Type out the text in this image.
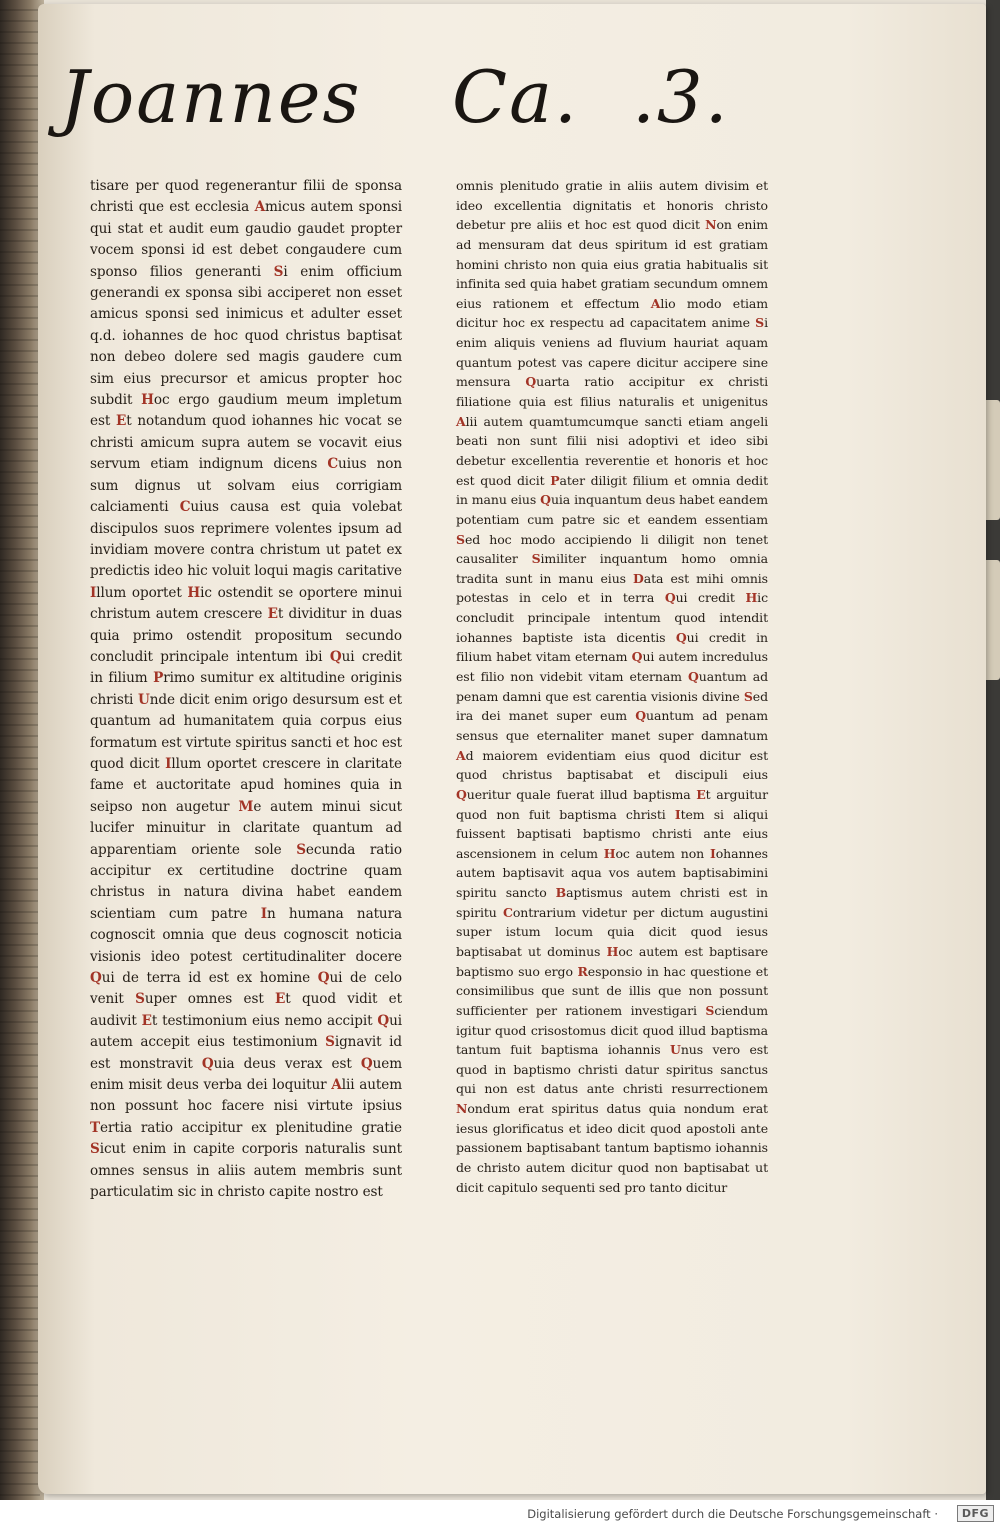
Joannes Ca. .3.

tisare per quod regenerantur filii de sponsa christi que est ecclesia Amicus autem sponsi qui stat et audit eum gaudio gaudet propter vocem sponsi id est debet congaudere cum sponso filios generanti Si enim officium generandi ex sponsa sibi acciperet non esset amicus sponsi sed inimicus et adulter esset q.d. iohannes de hoc quod christus baptisat non debeo dolere sed magis gaudere cum sim eius precursor et amicus propter hoc subdit Hoc ergo gaudium meum impletum est Et notandum quod iohannes hic vocat se christi amicum supra autem se vocavit eius servum etiam indignum dicens Cuius non sum dignus ut solvam eius corrigiam calciamenti Cuius causa est quia volebat discipulos suos reprimere volentes ipsum ad invidiam movere contra christum ut patet ex predictis ideo hic voluit loqui magis caritative Illum oportet Hic ostendit se oportere minui christum autem crescere Et dividitur in duas quia primo ostendit propositum secundo concludit principale intentum ibi Qui credit in filium Primo sumitur ex altitudine originis christi Unde dicit enim origo desursum est et quantum ad humanitatem quia corpus eius formatum est virtute spiritus sancti et hoc est quod dicit Illum oportet crescere in claritate fame et auctoritate apud homines quia in seipso non augetur Me autem minui sicut lucifer minuitur in claritate quantum ad apparentiam oriente sole Secunda ratio accipitur ex certitudine doctrine quam christus in natura divina habet eandem scientiam cum patre In humana natura cognoscit omnia que deus cognoscit noticia visionis ideo potest certitudinaliter docere Qui de terra id est ex homine Qui de celo venit Super omnes est Et quod vidit et audivit Et testimonium eius nemo accipit Qui autem accepit eius testimonium Signavit id est monstravit Quia deus verax est Quem enim misit deus verba dei loquitur Alii autem non possunt hoc facere nisi virtute ipsius Tertia ratio accipitur ex plenitudine gratie Sicut enim in capite corporis naturalis sunt omnes sensus in aliis autem membris sunt particulatim sic in christo capite nostro est

omnis plenitudo gratie in aliis autem divisim et ideo excellentia dignitatis et honoris christo debetur pre aliis et hoc est quod dicit Non enim ad mensuram dat deus spiritum id est gratiam homini christo non quia eius gratia habitualis sit infinita sed quia habet gratiam secundum omnem eius rationem et effectum Alio modo etiam dicitur hoc ex respectu ad capacitatem anime Si enim aliquis veniens ad fluvium hauriat aquam quantum potest vas capere dicitur accipere sine mensura Quarta ratio accipitur ex christi filiatione quia est filius naturalis et unigenitus Alii autem quamtumcumque sancti etiam angeli beati non sunt filii nisi adoptivi et ideo sibi debetur excellentia reverentie et honoris et hoc est quod dicit Pater diligit filium et omnia dedit in manu eius Quia inquantum deus habet eandem potentiam cum patre sic et eandem essentiam Sed hoc modo accipiendo li diligit non tenet causaliter Similiter inquantum homo omnia tradita sunt in manu eius Data est mihi omnis potestas in celo et in terra Qui credit Hic concludit principale intentum quod intendit iohannes baptiste ista dicentis Qui credit in filium habet vitam eternam Qui autem incredulus est filio non videbit vitam eternam Quantum ad penam damni que est carentia visionis divine Sed ira dei manet super eum Quantum ad penam sensus que eternaliter manet super damnatum Ad maiorem evidentiam eius quod dicitur est quod christus baptisabat et discipuli eius Queritur quale fuerat illud baptisma Et arguitur quod non fuit baptisma christi Item si aliqui fuissent baptisati baptismo christi ante eius ascensionem in celum Hoc autem non Iohannes autem baptisavit aqua vos autem baptisabimini spiritu sancto Baptismus autem christi est in spiritu Contrarium videtur per dictum augustini super istum locum quia dicit quod iesus baptisabat ut dominus Hoc autem est baptisare baptismo suo ergo Responsio in hac questione et consimilibus que sunt de illis que non possunt sufficienter per rationem investigari Sciendum igitur quod crisostomus dicit quod illud baptisma tantum fuit baptisma iohannis Unus vero est quod in baptismo christi datur spiritus sanctus qui non est datus ante christi resurrectionem Nondum erat spiritus datus quia nondum erat iesus glorificatus et ideo dicit quod apostoli ante passionem baptisabant tantum baptismo iohannis de christo autem dicitur quod non baptisabat ut dicit capitulo sequenti sed pro tanto dicitur

Digitalisierung gefördert durch die Deutsche Forschungsgemeinschaft ·	DFG
